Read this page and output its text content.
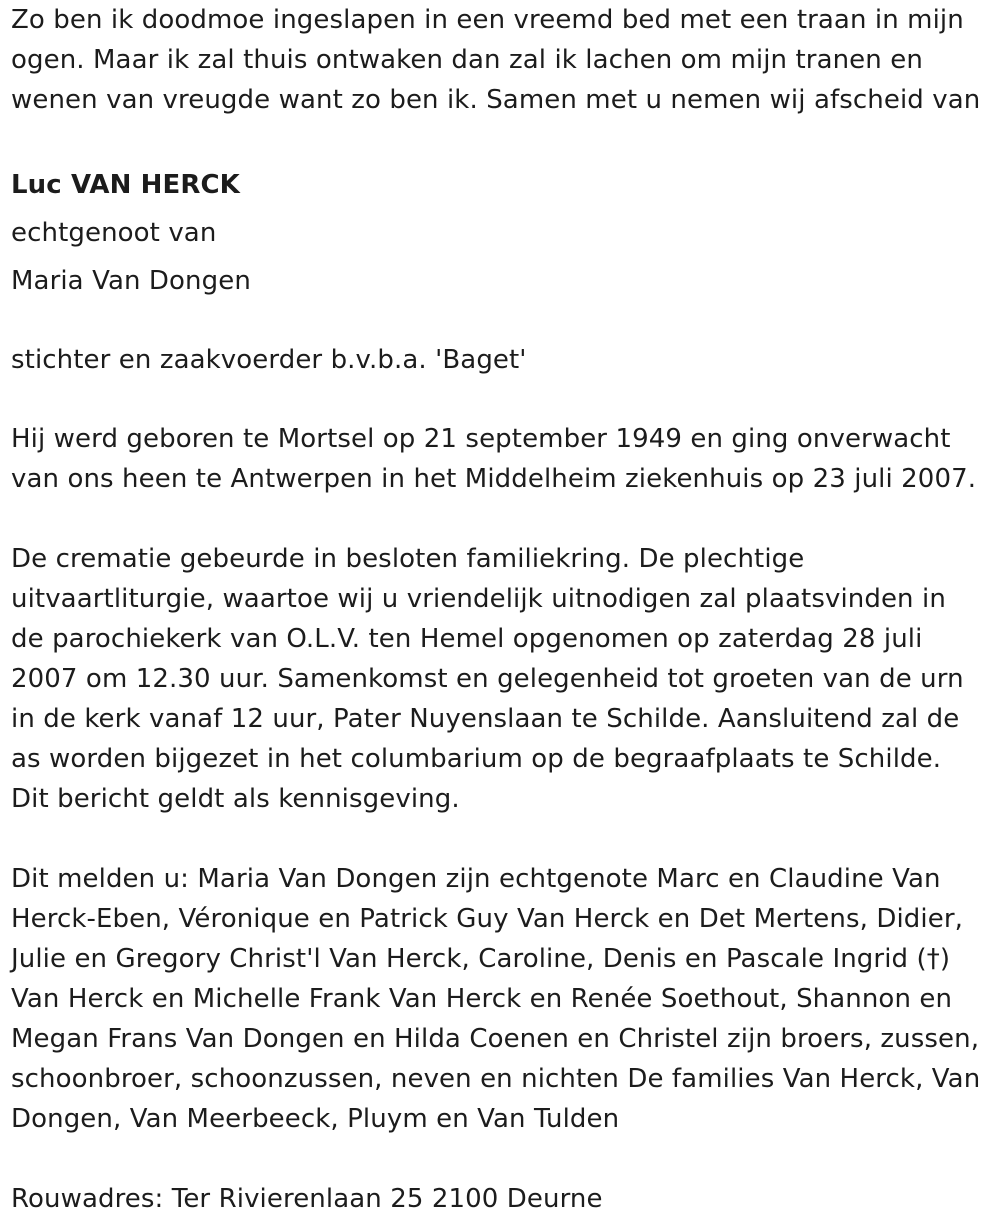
Zo ben ik doodmoe ingeslapen in een vreemd bed met een traan in mijn
ogen. Maar ik zal thuis ontwaken dan zal ik lachen om mijn tranen en
wenen van vreugde want zo ben ik. Samen met u nemen wij afscheid van

Luc VAN HERCK

echtgenoot van

Maria Van Dongen

stichter en zaakvoerder b.v.b.a. 'Baget'

Hij werd geboren te Mortsel op 21 september 1949 en ging onverwacht
van ons heen te Antwerpen in het Middelheim ziekenhuis op 23 juli 2007.

De crematie gebeurde in besloten familiekring. De plechtige
uitvaartliturgie, waartoe wij u vriendelijk uitnodigen zal plaatsvinden in
de parochiekerk van O.L.V. ten Hemel opgenomen op zaterdag 28 juli
2007 om 12.30 uur. Samenkomst en gelegenheid tot groeten van de urn
in de kerk vanaf 12 uur, Pater Nuyenslaan te Schilde. Aansluitend zal de
as worden bijgezet in het columbarium op de begraafplaats te Schilde.
Dit bericht geldt als kennisgeving.

Dit melden u: Maria Van Dongen zijn echtgenote Marc en Claudine Van
Herck-Eben, Véronique en Patrick Guy Van Herck en Det Mertens, Didier,
Julie en Gregory Christ'l Van Herck, Caroline, Denis en Pascale Ingrid (†)
Van Herck en Michelle Frank Van Herck en Renée Soethout, Shannon en
Megan Frans Van Dongen en Hilda Coenen en Christel zijn broers, zussen,
schoonbroer, schoonzussen, neven en nichten De families Van Herck, Van
Dongen, Van Meerbeeck, Pluym en Van Tulden

Rouwadres: Ter Rivierenlaan 25 2100 Deurne
